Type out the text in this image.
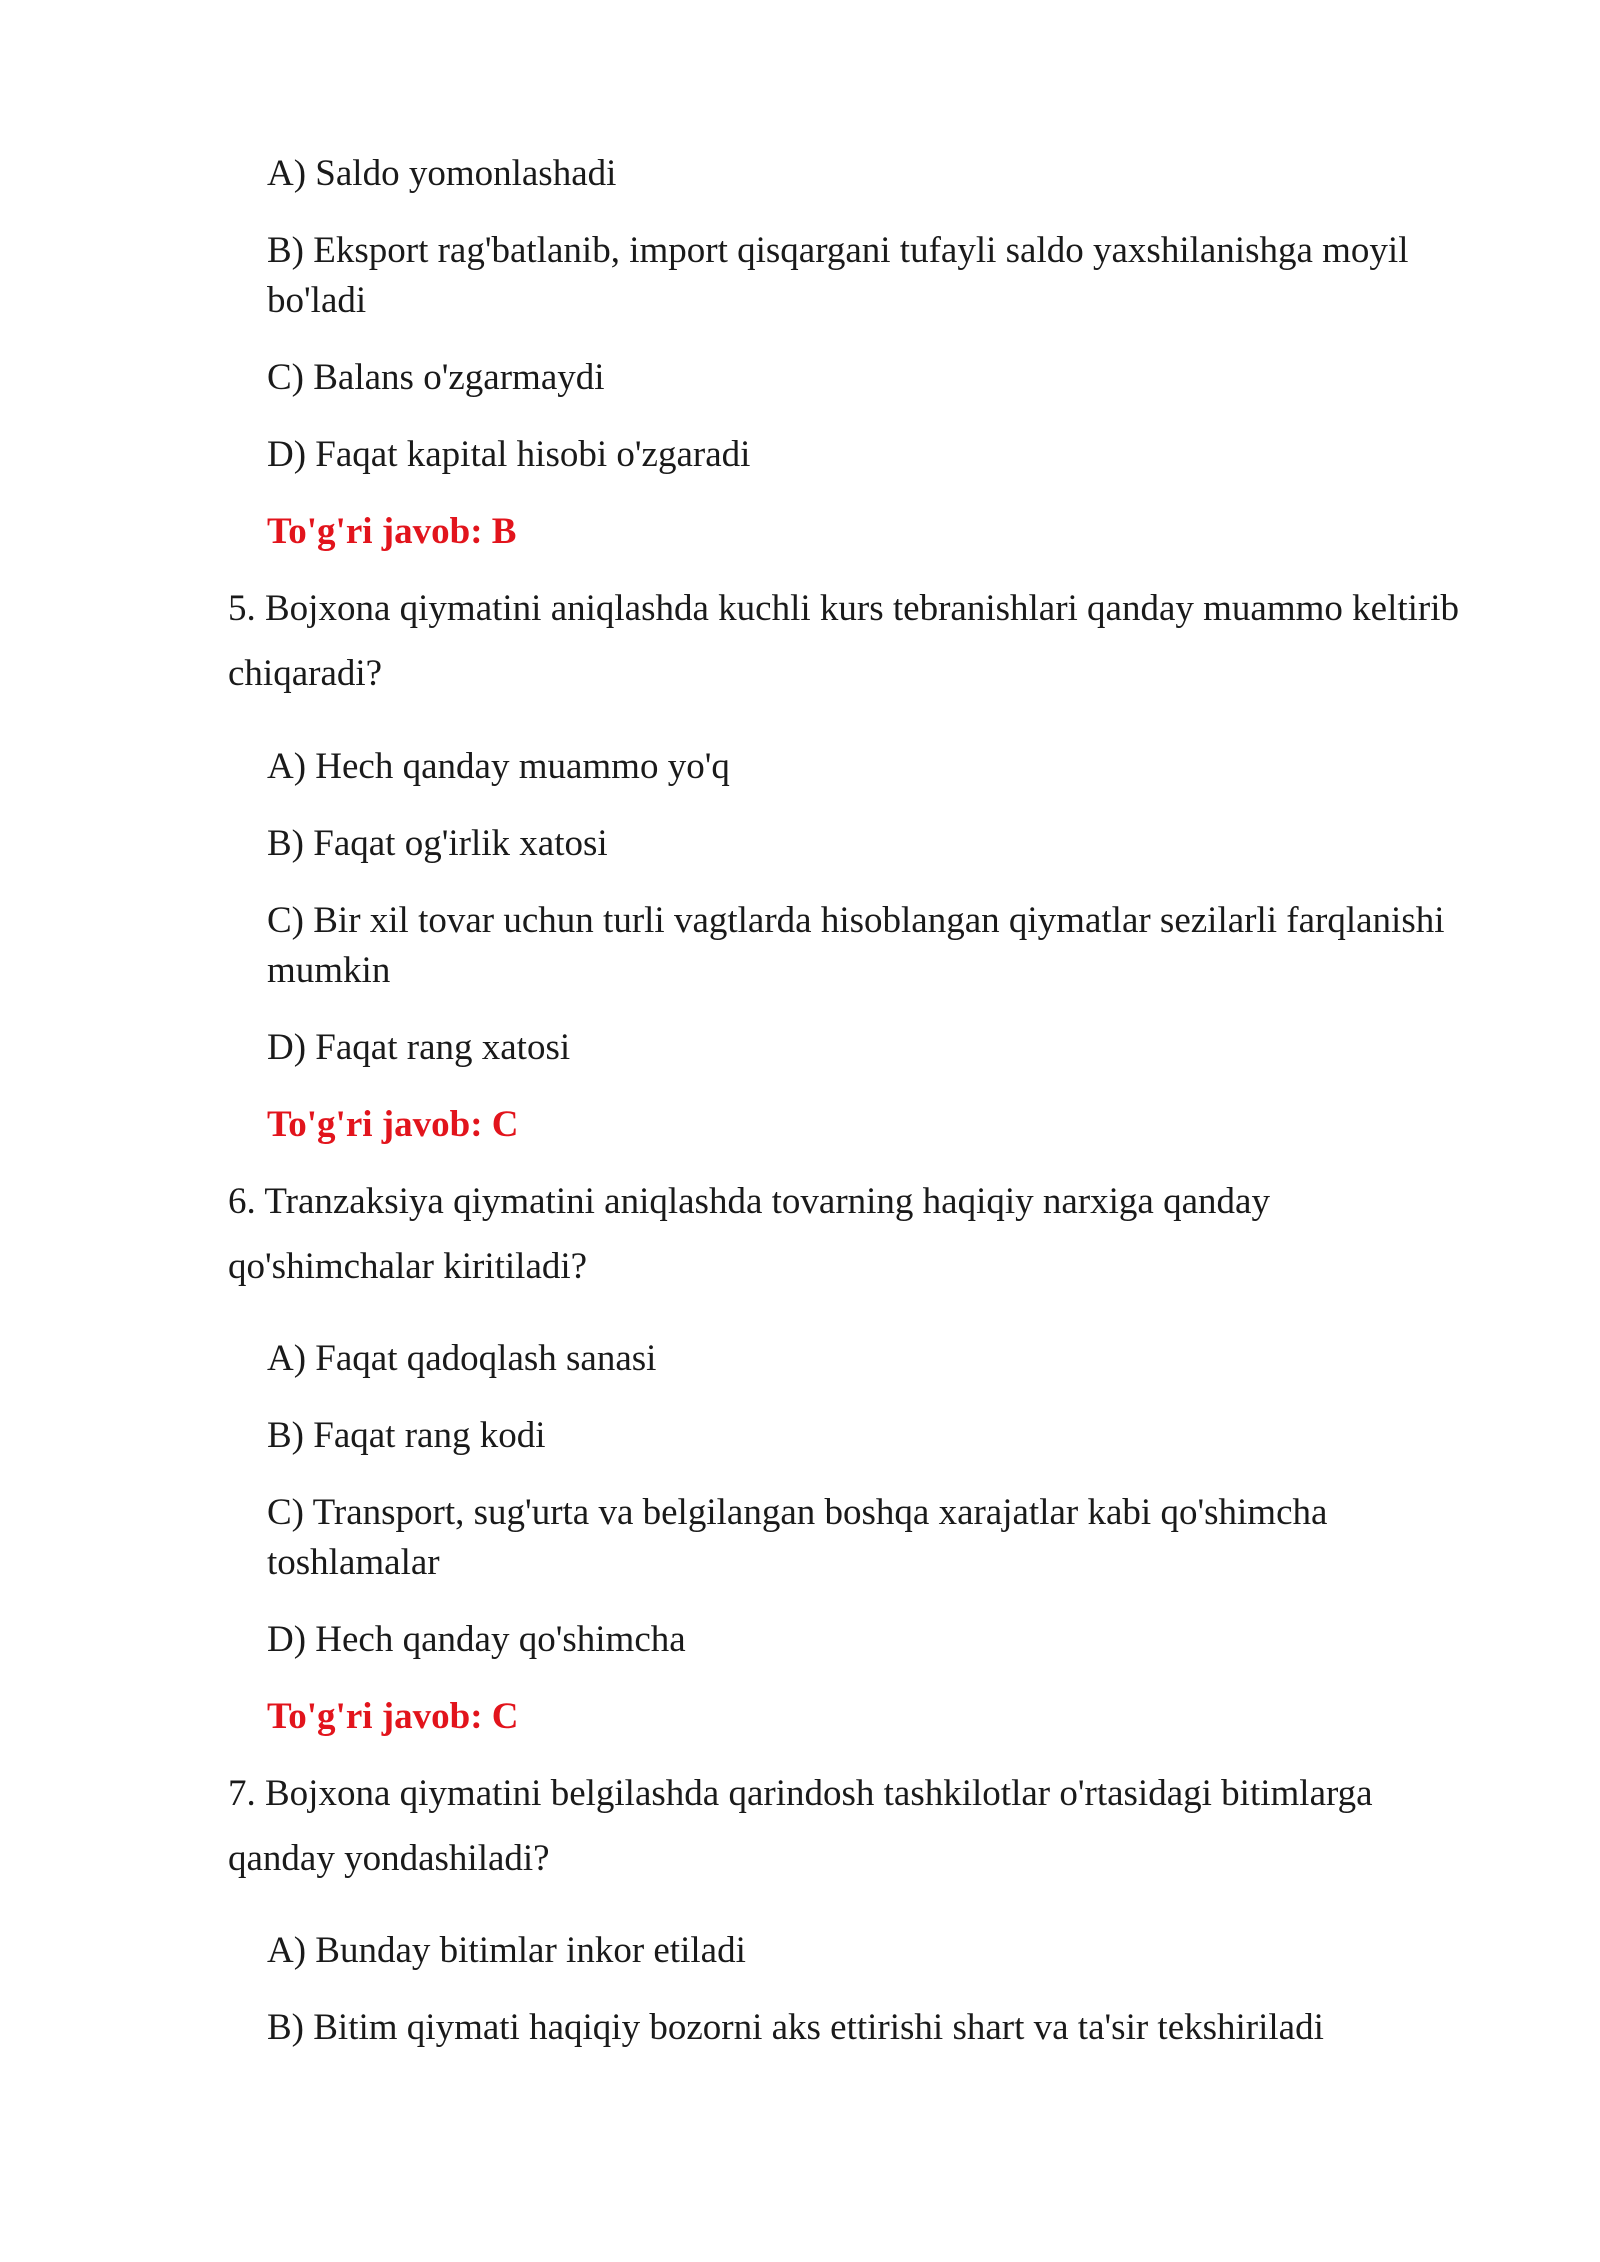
A) Saldo yomonlashadi
B) Eksport rag'batlanib, import qisqargani tufayli saldo yaxshilanishga moyil
bo'ladi
C) Balans o'zgarmaydi
D) Faqat kapital hisobi o'zgaradi
To'g'ri javob: B
5. Bojxona qiymatini aniqlashda kuchli kurs tebranishlari qanday muammo keltirib
chiqaradi?
A) Hech qanday muammo yo'q
B) Faqat og'irlik xatosi
C) Bir xil tovar uchun turli vagtlarda hisoblangan qiymatlar sezilarli farqlanishi
mumkin
D) Faqat rang xatosi
To'g'ri javob: C
6. Tranzaksiya qiymatini aniqlashda tovarning haqiqiy narxiga qanday
qo'shimchalar kiritiladi?
A) Faqat qadoqlash sanasi
B) Faqat rang kodi
C) Transport, sug'urta va belgilangan boshqa xarajatlar kabi qo'shimcha
toshlamalar
D) Hech qanday qo'shimcha
To'g'ri javob: C
7. Bojxona qiymatini belgilashda qarindosh tashkilotlar o'rtasidagi bitimlarga
qanday yondashiladi?
A) Bunday bitimlar inkor etiladi
B) Bitim qiymati haqiqiy bozorni aks ettirishi shart va ta'sir tekshiriladi
